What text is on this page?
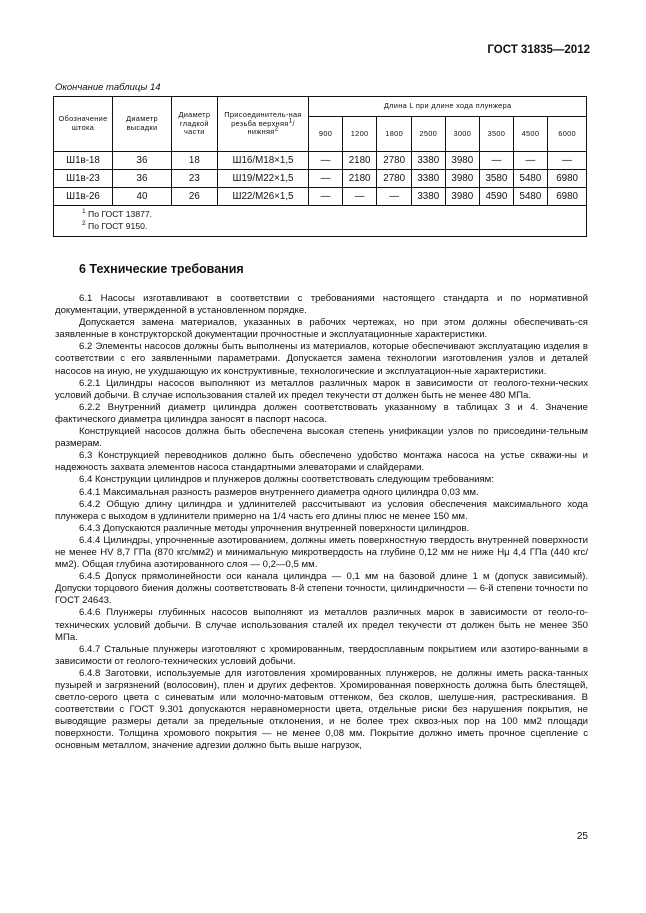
ГОСТ 31835—2012
Окончание таблицы 14
Обозначение штока	Диаметр высадки	Диаметр гладкой части	Присоединитель-ная резьба верхняя$^1$/нижняя$^2$	Длина L при длине хода плунжера							
				900	1200	1800	2500	3000	3500	4500	6000
Ш1в-18	36	18	Ш16/М18×1,5	—	2180	2780	3380	3980	—	—	—
Ш1в-23	36	23	Ш19/М22×1,5	—	2180	2780	3380	3980	3580	5480	6980
Ш1в-26	40	26	Ш22/М26×1,5	—	—	—	3380	3980	4590	5480	6980

$^1$ По ГОСТ 13877.
$^2$ По ГОСТ 9150.											
6 Технические требования

6.1 Насосы изготавливают в соответствии с требованиями настоящего стандарта и по нормативной документации, утвержденной в установленном порядке.

Допускается замена материалов, указанных в рабочих чертежах, но при этом должны обеспечивать-ся заявленные в конструкторской документации прочностные и эксплуатационные характеристики.

6.2 Элементы насосов должны быть выполнены из материалов, которые обеспечивают эксплуатацию изделия в соответствии с его заявленными параметрами. Допускается замена технологии изготовления узлов и деталей насосов на иную, не ухудшающую их конструктивные, технологические и эксплуатацион-ные характеристики.

6.2.1 Цилиндры насосов выполняют из металлов различных марок в зависимости от геолого-техни-ческих условий добычи. В случае использования сталей их предел текучести σт должен быть не менее 480 МПа.

6.2.2 Внутренний диаметр цилиндра должен соответствовать указанному в таблицах 3 и 4. Значение фактического диаметра цилиндра заносят в паспорт насоса.

Конструкцией насосов должна быть обеспечена высокая степень унификации узлов по присоедини-тельным размерам.

6.3 Конструкцией переводников должно быть обеспечено удобство монтажа насоса на устье скважи-ны и надежность захвата элементов насоса стандартными элеваторами и слайдерами.

6.4 Конструкции цилиндров и плунжеров должны соответствовать следующим требованиям:

6.4.1 Максимальная разность размеров внутреннего диаметра одного цилиндра 0,03 мм.

6.4.2 Общую длину цилиндра и удлинителей рассчитывают из условия обеспечения максимального хода плунжера с выходом в удлинители примерно на 1/4 часть его длины плюс не менее 150 мм.

6.4.3 Допускаются различные методы упрочнения внутренней поверхности цилиндров.

6.4.4 Цилиндры, упрочненные азотированием, должны иметь поверхностную твердость внутренней поверхности не менее HV 8,7 ГПа (870 кгс/мм2) и минимальную микротвердость на глубине 0,12 мм не ниже Hμ 4,4 ГПа (440 кгс/мм2). Общая глубина азотированного слоя — 0,2—0,5 мм.

6.4.5 Допуск прямолинейности оси канала цилиндра — 0,1 мм на базовой длине 1 м (допуск зависимый). Допуски торцового биения должны соответствовать 8-й степени точности, цилиндричности — 6-й степени точности по ГОСТ 24643.

6.4.6 Плунжеры глубинных насосов выполняют из металлов различных марок в зависимости от геоло-го-технических условий добычи. В случае использования сталей их предел текучести σт должен быть не менее 350 МПа.

6.4.7 Стальные плунжеры изготовляют с хромированным, твердосплавным покрытием или азотиро-ванными в зависимости от геолого-технических условий добычи.

6.4.8 Заготовки, используемые для изготовления хромированных плунжеров, не должны иметь раска-танных пузырей и загрязнений (волосовин), плен и других дефектов. Хромированная поверхность должна быть блестящей, светло-серого цвета с синеватым или молочно-матовым оттенком, без сколов, шелуше-ния, растрескивания. В соответствии с ГОСТ 9.301 допускаются неравномерности цвета, отдельные риски без нарушения покрытия, не выводящие размеры детали за предельные отклонения, и не более трех сквоз-ных пор на 100 мм2 площади поверхности. Толщина хромового покрытия — не менее 0,08 мм. Покрытие должно иметь прочное сцепление с основным металлом, значение адгезии должно быть выше нагрузок,

25
